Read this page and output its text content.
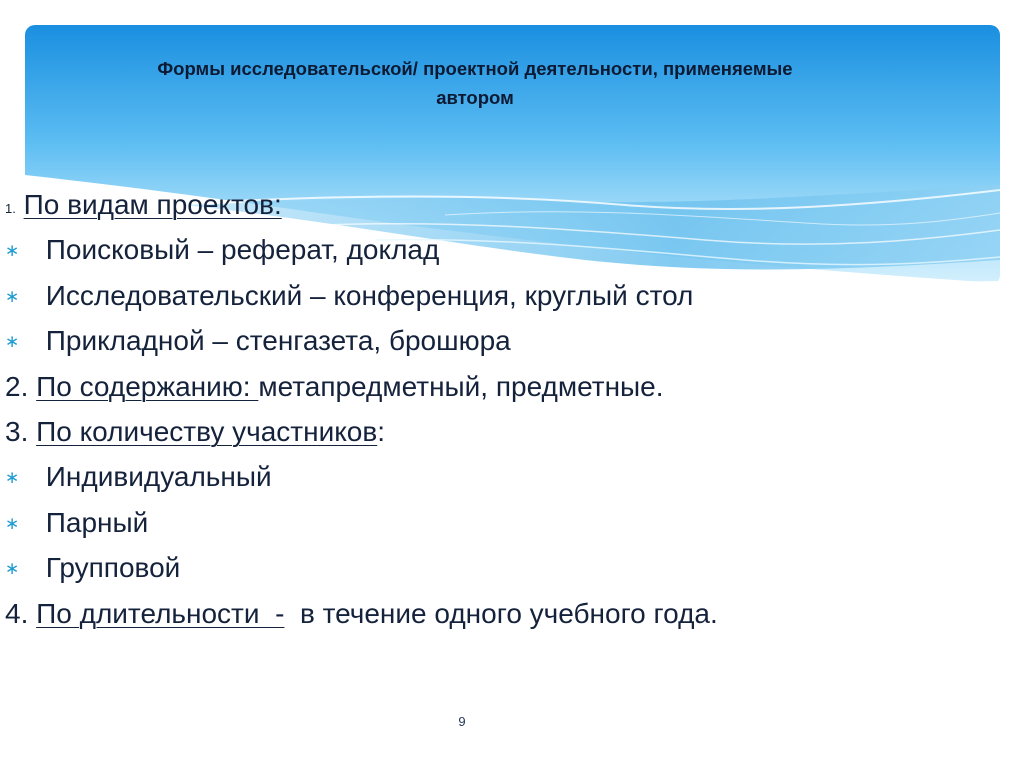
Формы исследовательской/ проектной деятельности, применяемые
автором
1. По видам проектов:
∗ Поисковый – реферат, доклад
∗ Исследовательский – конференция, круглый стол
∗ Прикладной – стенгазета, брошюра
2. По содержанию: метапредметный, предметные.
3. По количеству участников:
∗ Индивидуальный
∗ Парный
∗ Групповой
4. По длительности  -  в течение одного учебного года.
9
